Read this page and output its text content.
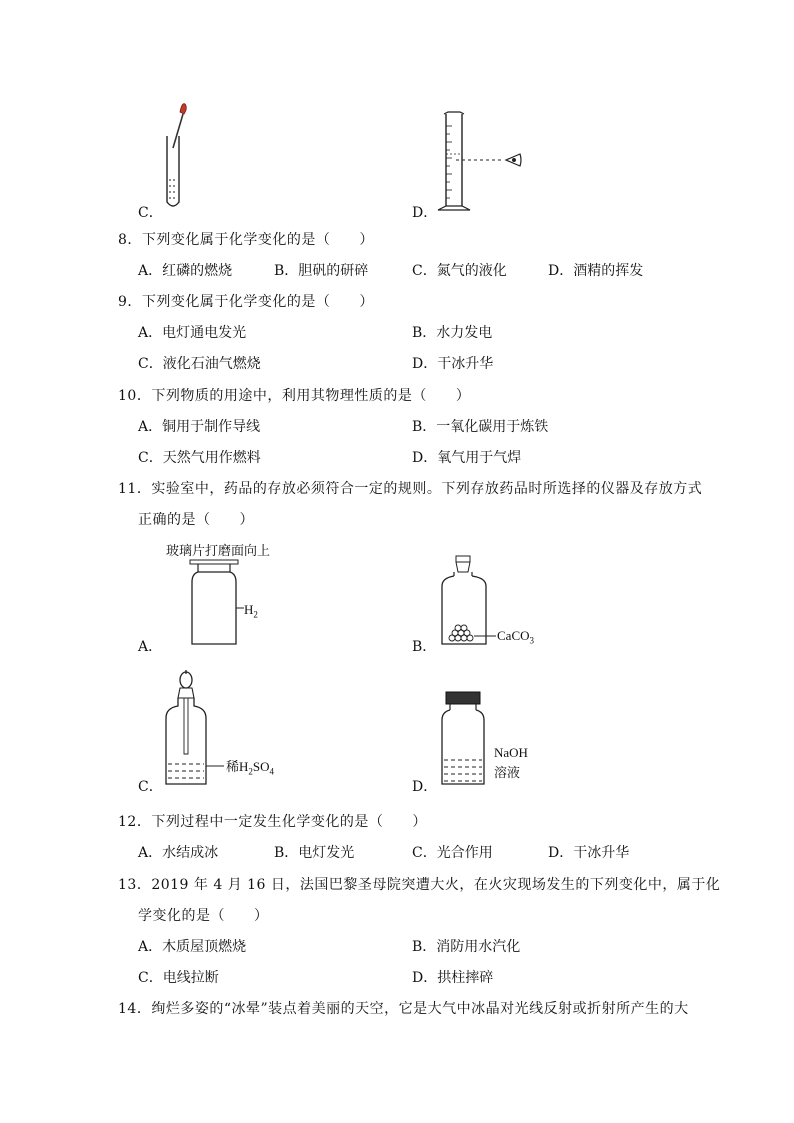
C．	D．
8．下列变化属于化学变化的是（　　）
A．红磷的燃烧	B．胆矾的研碎	C．氮气的液化	D．酒精的挥发
9．下列变化属于化学变化的是（　　）
A．电灯通电发光	B．水力发电
C．液化石油气燃烧	D．干冰升华
10．下列物质的用途中，利用其物理性质的是（　　）
A．铜用于制作导线	B．一氧化碳用于炼铁
C．天然气用作燃料	D．氧气用于气焊
11．实验室中，药品的存放必须符合一定的规则。下列存放药品时所选择的仪器及存放方式
正确的是（　　）
玻璃片打磨面向上
$H_2$
A．
CaCO$_3$
B．
稀$H_2SO_4$
C．
NaOH
溶液
D．
12．下列过程中一定发生化学变化的是（　　）
A．水结成冰	B．电灯发光	C．光合作用	D．干冰升华
13．2019 年 4 月 16 日，法国巴黎圣母院突遭大火，在火灾现场发生的下列变化中，属于化
学变化的是（　　）
A．木质屋顶燃烧	B．消防用水汽化
C．电线拉断	D．拱柱摔碎
14．绚烂多姿的“冰晕”装点着美丽的天空，它是大气中冰晶对光线反射或折射所产生的大
